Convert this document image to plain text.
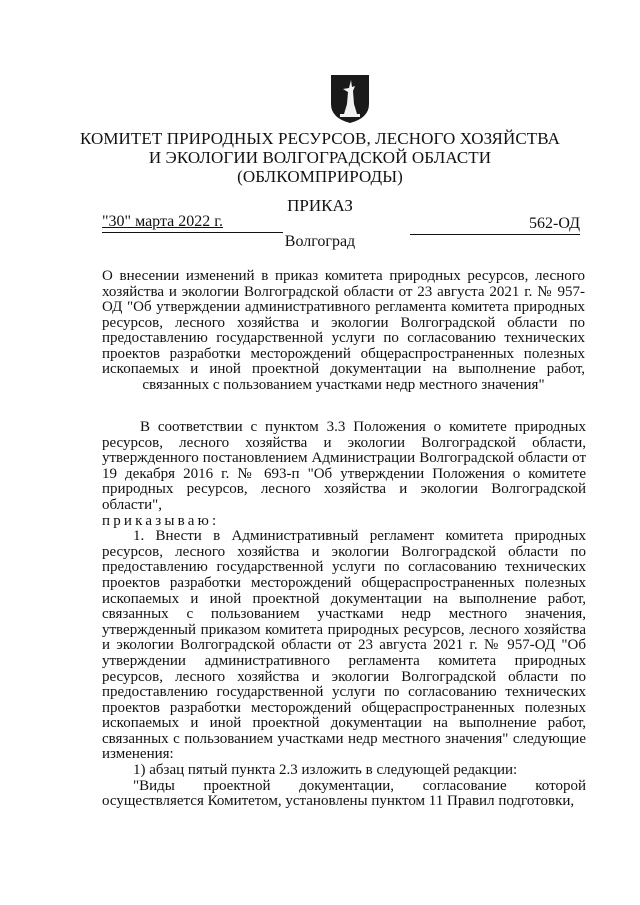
КОМИТЕТ ПРИРОДНЫХ РЕСУРСОВ, ЛЕСНОГО ХОЗЯЙСТВА
И ЭКОЛОГИИ ВОЛГОГРАДСКОЙ ОБЛАСТИ
(ОБЛКОМПРИРОДЫ)
ПРИКАЗ
"30" марта 2022 г.	562-ОД
Волгоград
О внесении изменений в приказ комитета природных ресурсов, лесного хозяйства и экологии Волгоградской области от 23 августа 2021 г. № 957-ОД "Об утверждении административного регламента комитета природных ресурсов, лесного хозяйства и экологии Волгоградской области по предоставлению государственной услуги по согласованию технических проектов разработки месторождений общераспространенных полезных ископаемых и иной проектной документации на выполнение работ, связанных с пользованием участками недр местного значения"

В соответствии с пунктом 3.3 Положения о комитете природных ресурсов, лесного хозяйства и экологии Волгоградской области, утвержденного постановлением Администрации Волгоградской области от 19 декабря 2016 г. № 693-п "Об утверждении Положения о комитете природных ресурсов, лесного хозяйства и экологии Волгоградской области",

приказываю:

1. Внести в Административный регламент комитета природных ресурсов, лесного хозяйства и экологии Волгоградской области по предоставлению государственной услуги по согласованию технических проектов разработки месторождений общераспространенных полезных ископаемых и иной проектной документации на выполнение работ, связанных с пользованием участками недр местного значения, утвержденный приказом комитета природных ресурсов, лесного хозяйства и экологии Волгоградской области от 23 августа 2021 г. № 957-ОД "Об утверждении административного регламента комитета природных ресурсов, лесного хозяйства и экологии Волгоградской области по предоставлению государственной услуги по согласованию технических проектов разработки месторождений общераспространенных полезных ископаемых и иной проектной документации на выполнение работ, связанных с пользованием участками недр местного значения" следующие изменения:

1) абзац пятый пункта 2.3 изложить в следующей редакции:

"Виды проектной документации, согласование которой осуществляется Комитетом, установлены пунктом 11 Правил подготовки,
